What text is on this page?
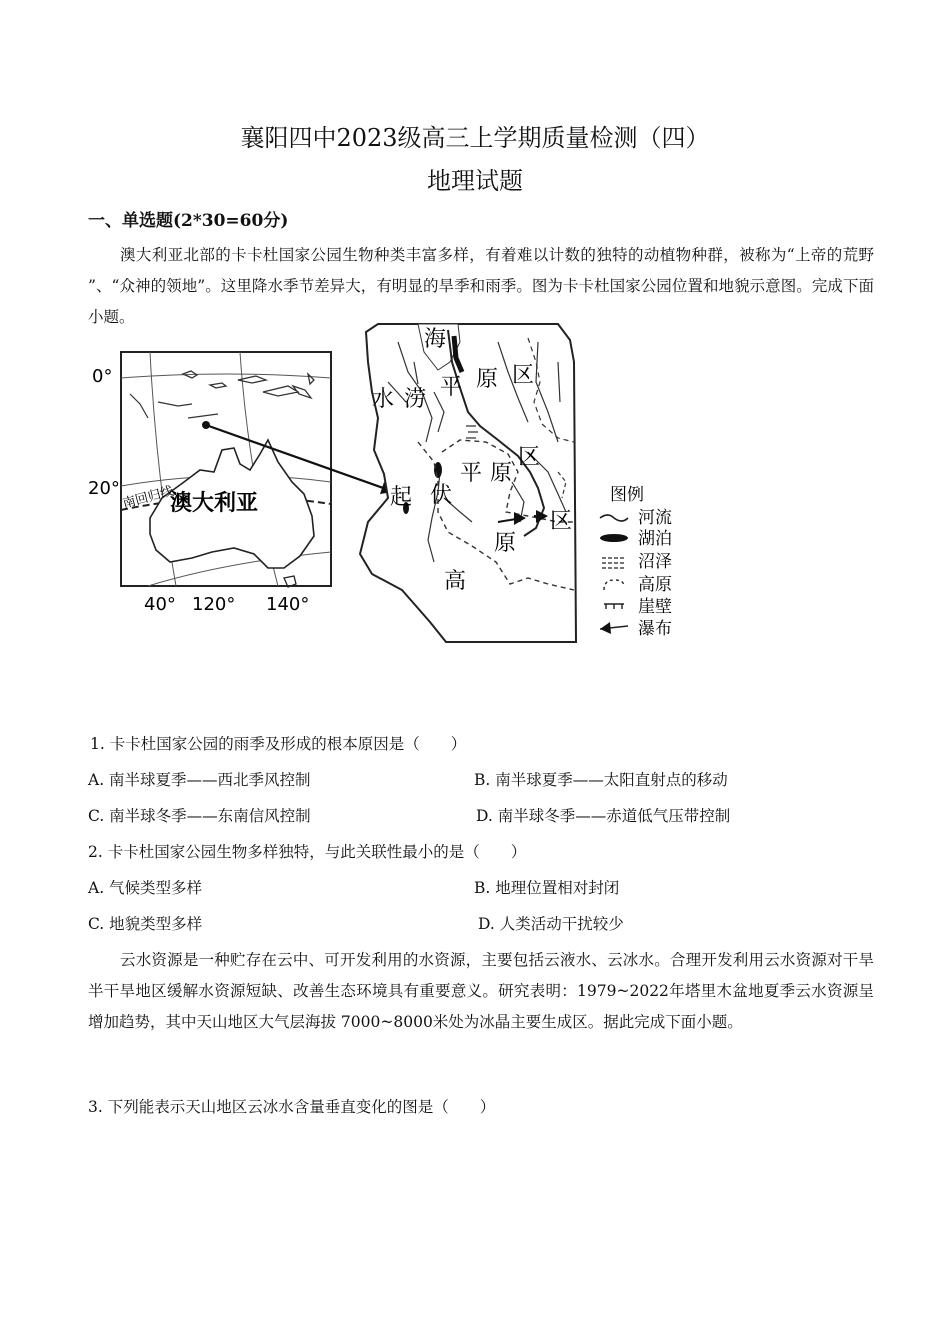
襄阳四中2023级高三上学期质量检测（四）
地理试题
一、单选题(2*30=60分)
澳大利亚北部的卡卡杜国家公园生物种类丰富多样，有着难以计数的独特的动植物种群，被称为“上帝的荒野 ”、“众神的领地”。这里降水季节差异大，有明显的旱季和雨季。图为卡卡杜国家公园位置和地貌示意图。完成下面小题。
南回归线
澳大利亚
0°
20°
40° 120° 140°
海
水 涝 平 原 区
起 伏
平 原
区
区
原
高
图例
河流
湖泊
沼泽
高原
崖壁
瀑布
1. 卡卡杜国家公园的雨季及形成的根本原因是（　　）
A. 南半球夏季——西北季风控制	B. 南半球夏季——太阳直射点的移动
C. 南半球冬季——东南信风控制	D. 南半球冬季——赤道低气压带控制
2. 卡卡杜国家公园生物多样独特，与此关联性最小的是（　　）
A. 气候类型多样	B. 地理位置相对封闭
C. 地貌类型多样	D. 人类活动干扰较少
云水资源是一种贮存在云中、可开发利用的水资源，主要包括云液水、云冰水。合理开发利用云水资源对干旱半干旱地区缓解水资源短缺、改善生态环境具有重要意义。研究表明：1979~2022年塔里木盆地夏季云水资源呈增加趋势，其中天山地区大气层海拔 7000~8000米处为冰晶主要生成区。据此完成下面小题。
3. 下列能表示天山地区云冰水含量垂直变化的图是（　　）
